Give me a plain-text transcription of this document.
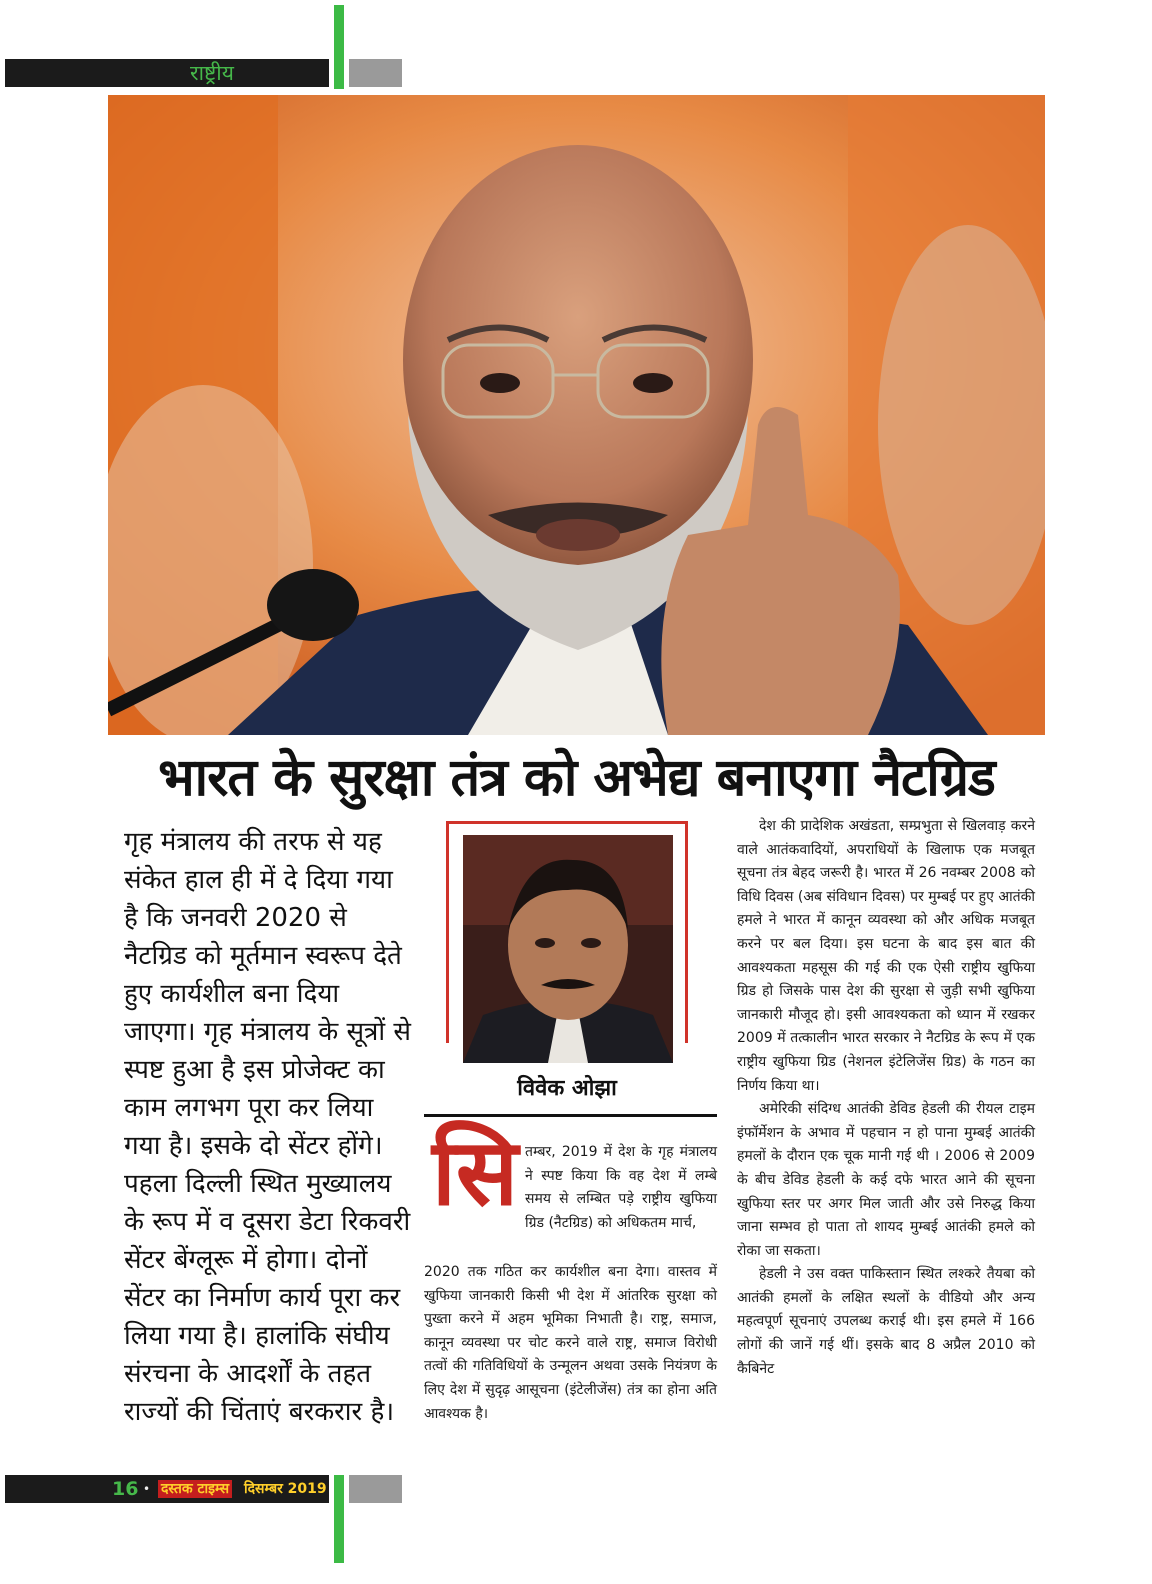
राष्ट्रीय
भारत के सुरक्षा तंत्र को अभेद्य बनाएगा नैटग्रिड

गृह मंत्रालय की तरफ से यह संकेत हाल ही में दे दिया गया है कि जनवरी 2020 से नैटग्रिड को मूर्तमान स्वरूप देते हुए कार्यशील बना दिया जाएगा। गृह मंत्रालय के सूत्रों से स्पष्ट हुआ है इस प्रोजेक्ट का काम लगभग पूरा कर लिया गया है। इसके दो सेंटर होंगे। पहला दिल्ली स्थित मुख्यालय के रूप में व दूसरा डेटा रिकवरी सेंटर बेंग्लूरू में होगा। दोनों सेंटर का निर्माण कार्य पूरा कर लिया गया है। हालांकि संघीय संरचना के आदर्शों के तहत राज्यों की चिंताएं बरकरार है।

विवेक ओझा
सि तम्बर, 2019 में देश के गृह मंत्रालय ने स्पष्ट किया कि वह देश में लम्बे समय से लम्बित पड़े राष्ट्रीय खुफिया ग्रिड (नैटग्रिड) को अधिकतम मार्च,

2020 तक गठित कर कार्यशील बना देगा। वास्तव में खुफिया जानकारी किसी भी देश में आंतरिक सुरक्षा को पुख्ता करने में अहम भूमिका निभाती है। राष्ट्र, समाज, कानून व्यवस्था पर चोट करने वाले राष्ट्र, समाज विरोधी तत्वों की गतिविधियों के उन्मूलन अथवा उसके नियंत्रण के लिए देश में सुदृढ़ आसूचना (इंटेलीजेंस) तंत्र का होना अति आवश्यक है।

देश की प्रादेशिक अखंडता, सम्प्रभुता से खिलवाड़ करने वाले आतंकवादियों, अपराधियों के खिलाफ एक मजबूत सूचना तंत्र बेहद जरूरी है। भारत में 26 नवम्बर 2008 को विधि दिवस (अब संविधान दिवस) पर मुम्बई पर हुए आतंकी हमले ने भारत में कानून व्यवस्था को और अधिक मजबूत करने पर बल दिया। इस घटना के बाद इस बात की आवश्यकता महसूस की गई की एक ऐसी राष्ट्रीय खुफिया ग्रिड हो जिसके पास देश की सुरक्षा से जुड़ी सभी खुफिया जानकारी मौजूद हो। इसी आवश्यकता को ध्यान में रखकर 2009 में तत्कालीन भारत सरकार ने नैटग्रिड के रूप में एक राष्ट्रीय खुफिया ग्रिड (नेशनल इंटेलिजेंस ग्रिड) के गठन का निर्णय किया था।

अमेरिकी संदिग्ध आतंकी डेविड हेडली की रीयल टाइम इंफॉर्मेशन के अभाव में पहचान न हो पाना मुम्बई आतंकी हमलों के दौरान एक चूक मानी गई थी । 2006 से 2009 के बीच डेविड हेडली के कई दफे भारत आने की सूचना खुफिया स्तर पर अगर मिल जाती और उसे निरुद्ध किया जाना सम्भव हो पाता तो शायद मुम्बई आतंकी हमले को रोका जा सकता।

हेडली ने उस वक्त पाकिस्तान स्थित लश्करे तैयबा को आतंकी हमलों के लक्षित स्थलों के वीडियो और अन्य महत्वपूर्ण सूचनाएं उपलब्ध कराई थी। इस हमले में 166 लोगों की जानें गई थीं। इसके बाद 8 अप्रैल 2010 को कैबिनेट

16 • दस्तक टाइम्स दिसम्बर 2019
